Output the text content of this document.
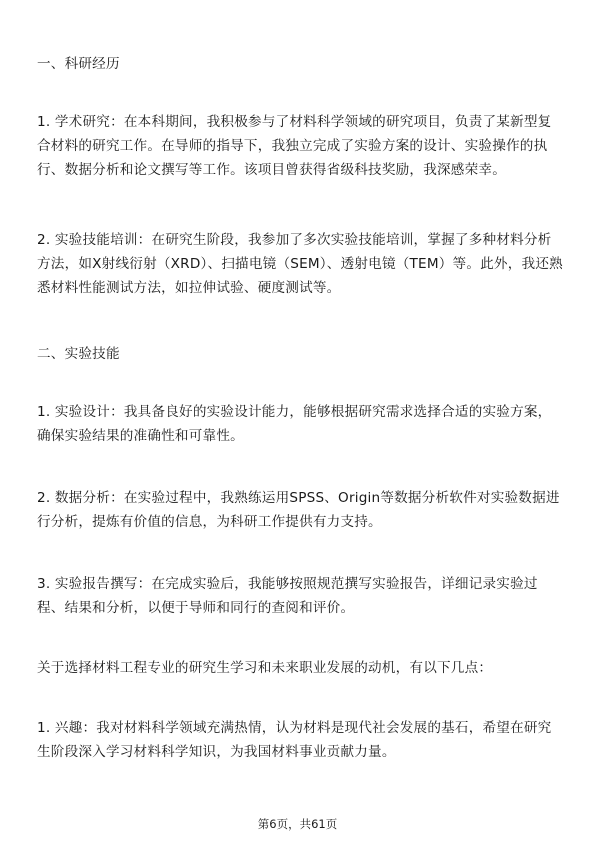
一、科研经历

1. 学术研究：在本科期间，我积极参与了材料科学领域的研究项目，负责了某新型复合材料的研究工作。在导师的指导下，我独立完成了实验方案的设计、实验操作的执行、数据分析和论文撰写等工作。该项目曾获得省级科技奖励，我深感荣幸。

2. 实验技能培训：在研究生阶段，我参加了多次实验技能培训，掌握了多种材料分析方法，如X射线衍射（XRD）、扫描电镜（SEM）、透射电镜（TEM）等。此外，我还熟悉材料性能测试方法，如拉伸试验、硬度测试等。

二、实验技能

1. 实验设计：我具备良好的实验设计能力，能够根据研究需求选择合适的实验方案，确保实验结果的准确性和可靠性。

2. 数据分析：在实验过程中，我熟练运用SPSS、Origin等数据分析软件对实验数据进行分析，提炼有价值的信息，为科研工作提供有力支持。

3. 实验报告撰写：在完成实验后，我能够按照规范撰写实验报告，详细记录实验过程、结果和分析，以便于导师和同行的查阅和评价。

关于选择材料工程专业的研究生学习和未来职业发展的动机，有以下几点：

1. 兴趣：我对材料科学领域充满热情，认为材料是现代社会发展的基石，希望在研究生阶段深入学习材料科学知识，为我国材料事业贡献力量。

第6页，共61页
